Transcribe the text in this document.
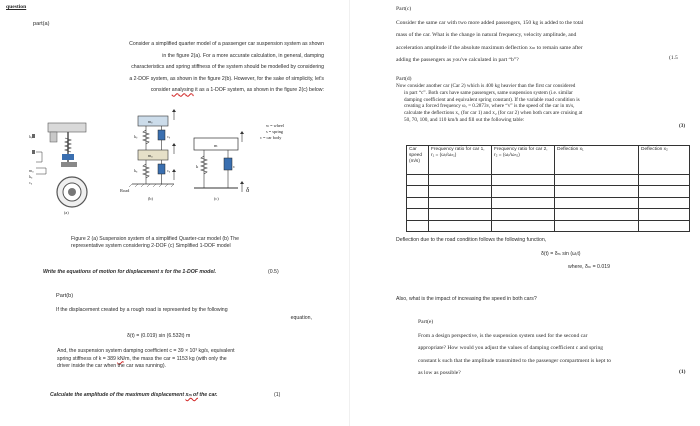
question
part(a)
Consider a simplified quarter model of a passenger car suspension system as shown
in the figure 2(a). For a more accurate calculation, in general, damping
characteristics and spring stiffness of the system should be modelled by considering
a 2-DOF system, as shown in the figure 2(b). However, for the sake of simplicity, let's
consider analysing it as a 1-DOF system, as shown in the figure 2(c) below:
kₛ
mᵤ
kᵤ
cᵤ
(a)
mₛ
mᵤ
kₛ	cₛ
kᵤ	cᵤ
Road
(b)
m
k	c
δ
(c)
w = wheel
s = spring
c = car body
Figure 2 (a) Suspension system of a simplified Quarter-car model (b) The
representative system considering 2-DOF (c) Simplified 1-DOF model
Write the equations of motion for displacement x for the 1-DOF model.	(0.5)
Part(b)
If the displacement created by a rough road is represented by the following
equation,
δ(t) = (0.019) sin (6.532t) m
And, the suspension system damping coefficient c = 39 × 10³ kg/s, equivalent
spring stiffness of k = 389 kN/m, the mass the car = 1153 kg (with only the
driver inside the car when the car was running).
Calculate the amplitude of the maximum displacement xₘ of the car.	(1)
Part(c)
Consider the same car with two more added passengers, 150 kg is added to the total
mass of the car. What is the change in natural frequency, velocity amplitude, and
acceleration amplitude if the absolute maximum deflection xₘ to remain same after
adding the passengers as you've calculated in part “b”?	(1.5
Part(d)
Now consider another car (Car 2) which is 400 kg heavier than the first car considered
in part “c”. Both cars have same passengers, same suspension system (i.e. similar
damping coefficient and equivalent spring constant). If the variable road condition is
creating a forced frequency ωᵣ = 0.2873v, where “v” is the speed of the car in m/s,
calculate the deflections x₁ (for car 1) and x₂ (for car 2) when both cars are cruising at
50, 70, 100, and 110 km/h and fill out the following table:
(3)
Car speed (m/s)	Frequency ratio for car 1, r₁ = (ωᵣ/ωₙ₁)	Frequency ratio for car 2, r₂ = (ωᵣ/ωₙ₂)	Deflection x₁	Deflection x₂

Deflection due to the road condition follows the following function,
δ(t) = δₘ sin (ωᵣt)
where, δₘ = 0.019
Also, what is the impact of increasing the speed in both cars?
Part(e)
From a design perspective, is the suspension system used for the second car
appropriate? How would you adjust the values of damping coefficient c and spring
constant k such that the amplitude transmitted to the passenger compartment is kept to
as low as possible?	(1)
